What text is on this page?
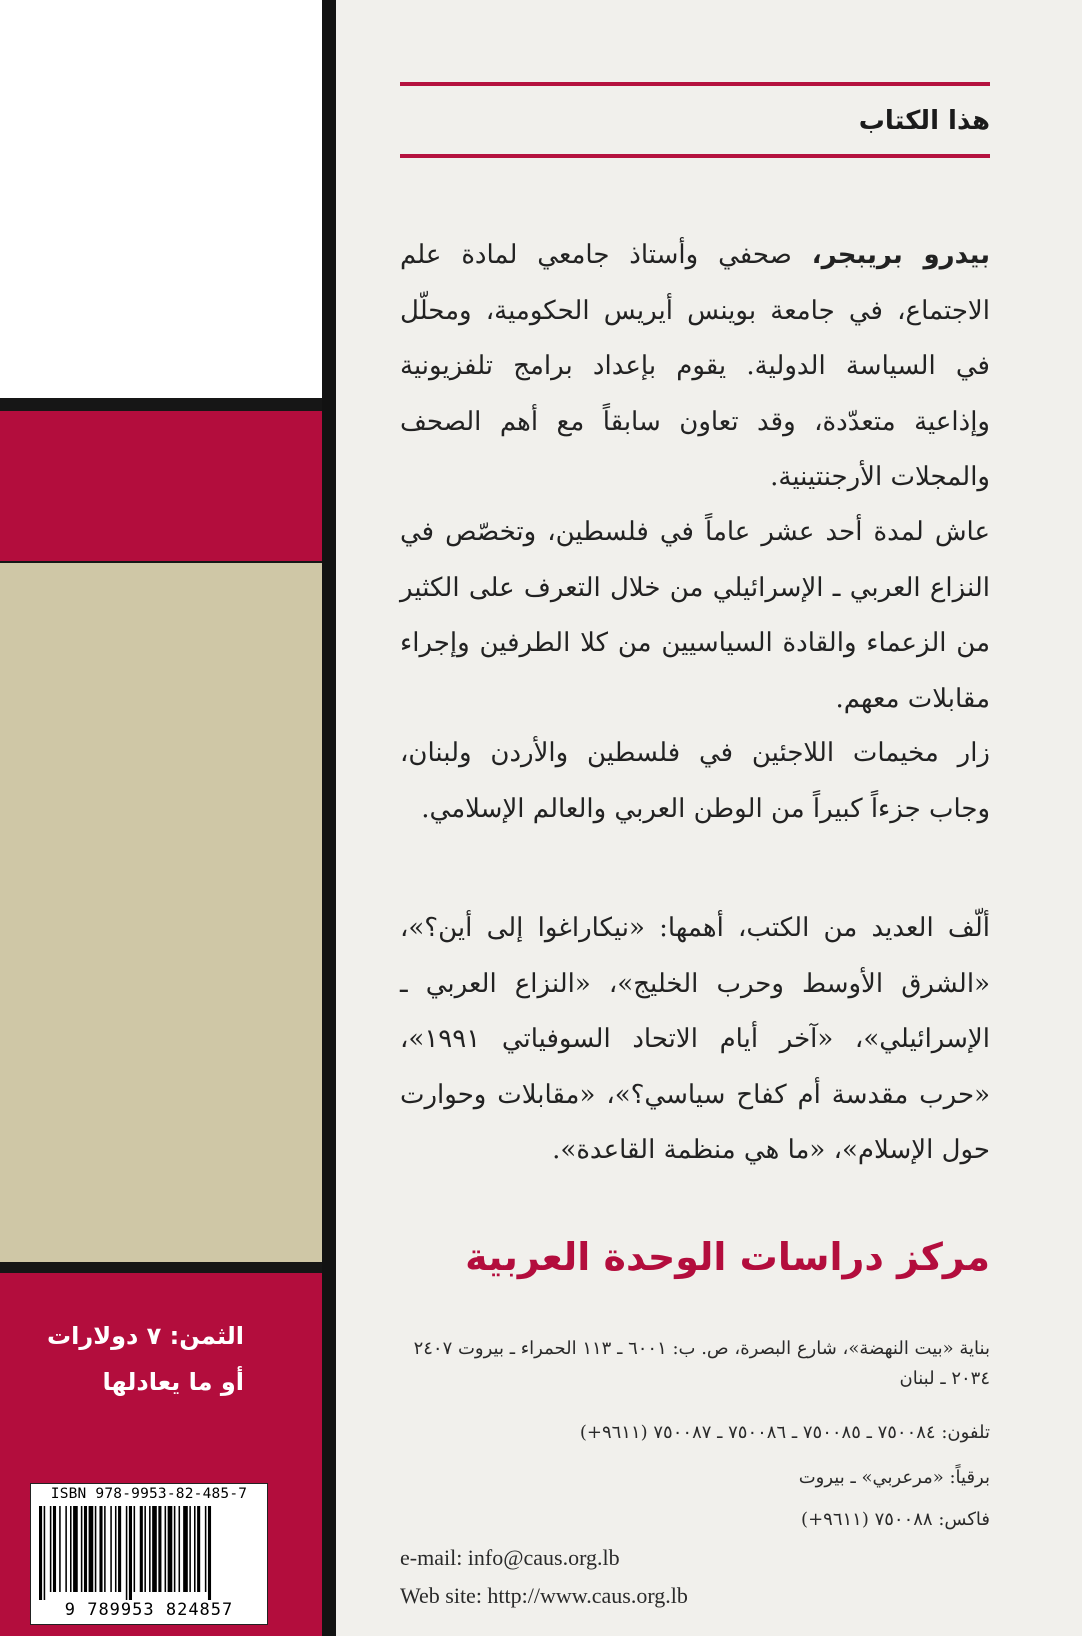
الثمن: ٧ دولارات
أو ما يعادلها
ISBN 978-9953-82-485-7
9 789953 824857
هذا الكتاب
بيدرو بريبجر، صحفي وأستاذ جامعي لمادة علم الاجتماع، في جامعة بوينس أيريس الحكومية، ومحلّل في السياسة الدولية. يقوم بإعداد برامج تلفزيونية وإذاعية متعدّدة، وقد تعاون سابقاً مع أهم الصحف والمجلات الأرجنتينية.
عاش لمدة أحد عشر عاماً في فلسطين، وتخصّص في النزاع العربي ـ الإسرائيلي من خلال التعرف على الكثير من الزعماء والقادة السياسيين من كلا الطرفين وإجراء مقابلات معهم.
زار مخيمات اللاجئين في فلسطين والأردن ولبنان، وجاب جزءاً كبيراً من الوطن العربي والعالم الإسلامي.
ألّف العديد من الكتب، أهمها: «نيكاراغوا إلى أين؟»، «الشرق الأوسط وحرب الخليج»، «النزاع العربي ـ الإسرائيلي»، «آخر أيام الاتحاد السوفياتي ١٩٩١»، «حرب مقدسة أم كفاح سياسي؟»، «مقابلات وحوارت حول الإسلام»، «ما هي منظمة القاعدة».
مركز دراسات الوحدة العربية
بناية «بيت النهضة»، شارع البصرة، ص. ب: ٦٠٠١ ـ ١١٣ الحمراء ـ بيروت ٢٤٠٧ ٢٠٣٤ ـ لبنان
تلفون: ٧٥٠٠٨٤ ـ ٧٥٠٠٨٥ ـ ٧٥٠٠٨٦ ـ ٧٥٠٠٨٧ (٩٦١١+)
برقياً: «مرعربي» ـ بيروت
فاكس: ٧٥٠٠٨٨ (٩٦١١+)
e-mail: info@caus.org.lb
Web site: http://www.caus.org.lb
